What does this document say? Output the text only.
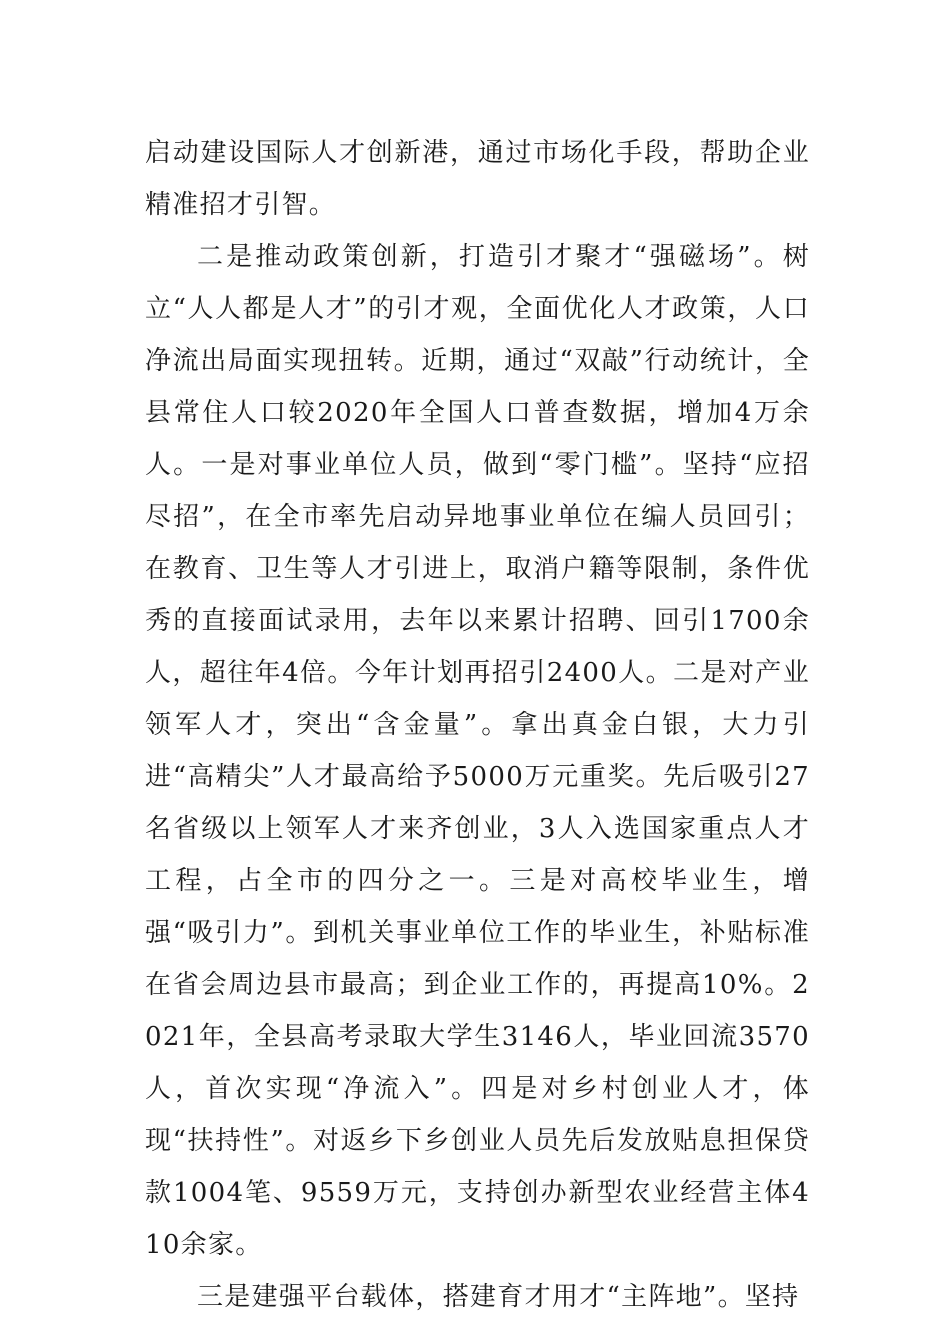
启动建设国际人才创新港，通过市场化手段，帮助企业精准招才引智。

二是推动政策创新，打造引才聚才“强磁场”。树立“人人都是人才”的引才观，全面优化人才政策，人口净流出局面实现扭转。近期，通过“双敲”行动统计，全县常住人口较2020年全国人口普查数据，增加4万余人。一是对事业单位人员，做到“零门槛”。坚持“应招尽招”，在全市率先启动异地事业单位在编人员回引；在教育、卫生等人才引进上，取消户籍等限制，条件优秀的直接面试录用，去年以来累计招聘、回引1700余人，超往年4倍。今年计划再招引2400人。二是对产业领军人才，突出“含金量”。拿出真金白银，大力引进“高精尖”人才最高给予5000万元重奖。先后吸引27名省级以上领军人才来齐创业，3人入选国家重点人才工程，占全市的四分之一。三是对高校毕业生，增强“吸引力”。到机关事业单位工作的毕业生，补贴标准在省会周边县市最高；到企业工作的，再提高10%。2021年，全县高考录取大学生3146人，毕业回流3570人，首次实现“净流入”。四是对乡村创业人才，体现“扶持性”。对返乡下乡创业人员先后发放贴息担保贷款1004笔、9559万元，支持创办新型农业经营主体410余家。

三是建强平台载体，搭建育才用才“主阵地”。坚持
